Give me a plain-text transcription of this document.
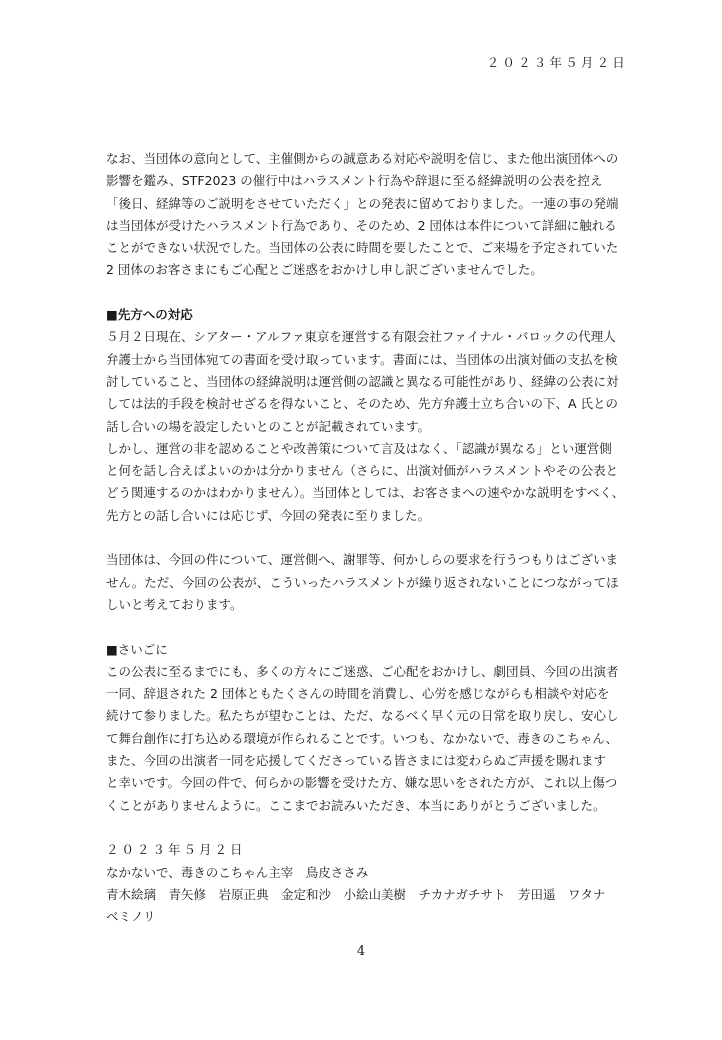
２０２３年５月２日

なお、当団体の意向として、主催側からの誠意ある対応や説明を信じ、また他出演団体への

影響を鑑み、STF2023 の催行中はハラスメント行為や辞退に至る経緯説明の公表を控え

「後日、経緯等のご説明をさせていただく」との発表に留めておりました。一連の事の発端

は当団体が受けたハラスメント行為であり、そのため、2 団体は本件について詳細に触れる

ことができない状況でした。当団体の公表に時間を要したことで、ご来場を予定されていた

2 団体のお客さまにもご心配とご迷惑をおかけし申し訳ございませんでした。

■先方への対応

５月２日現在、シアター・アルファ東京を運営する有限会社ファイナル・バロックの代理人

弁護士から当団体宛ての書面を受け取っています。書面には、当団体の出演対価の支払を検

討していること、当団体の経緯説明は運営側の認識と異なる可能性があり、経緯の公表に対

しては法的手段を検討せざるを得ないこと、そのため、先方弁護士立ち合いの下、A 氏との

話し合いの場を設定したいとのことが記載されています。

しかし、運営の非を認めることや改善策について言及はなく、「認識が異なる」とい運営側

と何を話し合えばよいのかは分かりません（さらに、出演対価がハラスメントやその公表と

どう関連するのかはわかりません）。当団体としては、お客さまへの速やかな説明をすべく、

先方との話し合いには応じず、今回の発表に至りました。

当団体は、今回の件について、運営側へ、謝罪等、何かしらの要求を行うつもりはございま

せん。ただ、今回の公表が、こういったハラスメントが繰り返されないことにつながってほ

しいと考えております。

■さいごに

この公表に至るまでにも、多くの方々にご迷惑、ご心配をおかけし、劇団員、今回の出演者

一同、辞退された 2 団体ともたくさんの時間を消費し、心労を感じながらも相談や対応を

続けて参りました。私たちが望むことは、ただ、なるべく早く元の日常を取り戻し、安心し

て舞台創作に打ち込める環境が作られることです。いつも、なかないで、毒きのこちゃん、

また、今回の出演者一同を応援してくださっている皆さまには変わらぬご声援を賜れます

と幸いです。今回の件で、何らかの影響を受けた方、嫌な思いをされた方が、これ以上傷つ

くことがありませんように。ここまでお読みいただき、本当にありがとうございました。

２０２３年５月２日

なかないで、毒きのこちゃん主宰　鳥皮ささみ

青木絵璃　青矢修　岩原正典　金定和沙　小絵山美樹　チカナガチサト　芳田遥　ワタナ

ベミノリ

4
